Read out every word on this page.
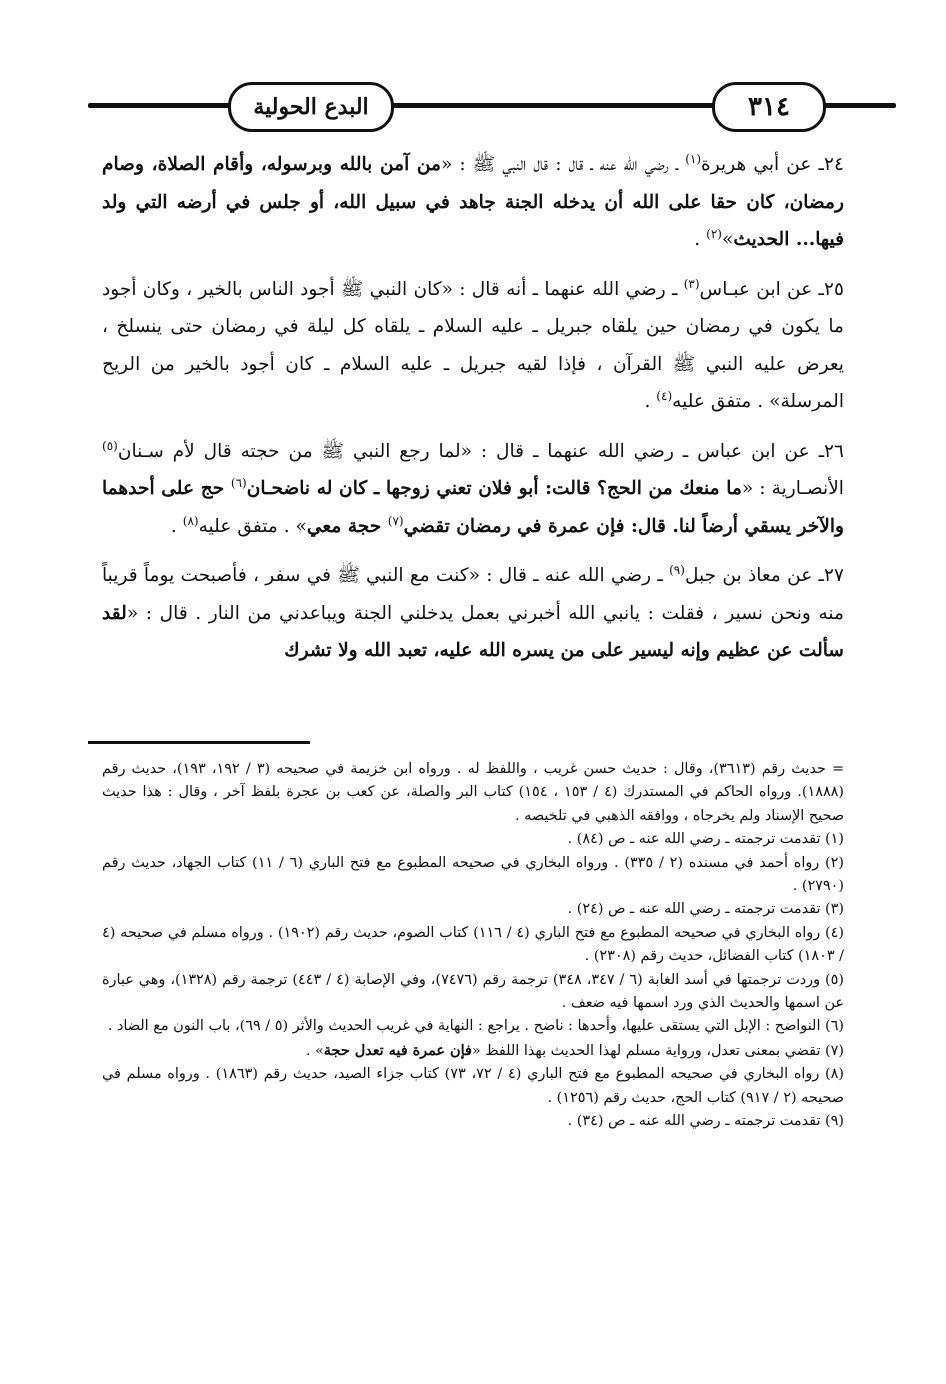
البدع الحولية	٣١٤

٢٤ـ عن أبي هريرة$^{(١)}$ ـ رضي الله عنه ـ قال : قال النبي ﷺ : «من آمن بالله وبرسوله، وأقام الصلاة، وصام رمضان، كان حقا على الله أن يدخله الجنة جاهد في سبيل الله، أو جلس في أرضه التي ولد فيها... الحديث»$^{(٢)}$ .

٢٥ـ عن ابن عبـاس$^{(٣)}$ ـ رضي الله عنهما ـ أنه قال : «كان النبي ﷺ أجود الناس بالخير ، وكان أجود ما يكون في رمضان حين يلقاه جبريل ـ عليه السلام ـ يلقاه كل ليلة في رمضان حتى ينسلخ ، يعرض عليه النبي ﷺ القرآن ، فإذا لقيه جبريل ـ عليه السلام ـ كان أجود بالخير من الريح المرسلة» . متفق عليه$^{(٤)}$ .

٢٦ـ عن ابن عباس ـ رضي الله عنهما ـ قال : «لما رجع النبي ﷺ من حجته قال لأم سـنان$^{(٥)}$ الأنصـارية : «ما منعك من الحج؟ قالت: أبو فلان تعني زوجها ـ كان له ناضحـان$^{(٦)}$ حج على أحدهما والآخر يسقي أرضاً لنا. قال: فإن عمرة في رمضان تقضي$^{(٧)}$ حجة معي» . متفق عليه$^{(٨)}$ .

٢٧ـ عن معاذ بن جبل$^{(٩)}$ ـ رضي الله عنه ـ قال : «كنت مع النبي ﷺ في سفر ، فأصبحت يوماً قريباً منه ونحن نسير ، فقلت : يانبي الله أخبرني بعمل يدخلني الجنة ويباعدني من النار . قال : «لقد سألت عن عظيم وإنه ليسير على من يسره الله عليه، تعبد الله ولا تشرك

= حديث رقم (٣٦١٣)، وقال : حديث حسن غريب ، واللفظ له . ورواه ابن خزيمة في صحيحه (٣ / ١٩٢، ١٩٣)، حديث رقم (١٨٨٨). ورواه الحاكم في المستدرك (٤ / ١٥٣ ، ١٥٤) كتاب البر والصلة، عن كعب بن عجرة بلفظ آخر ، وقال : هذا حديث صحيح الإسناد ولم يخرجاه ، ووافقه الذهبي في تلخيصه .

(١) تقدمت ترجمته ـ رضي الله عنه ـ ص (٨٤) .

(٢) رواه أحمد في مسنده (٢ / ٣٣٥) . ورواه البخاري في صحيحه المطبوع مع فتح الباري (٦ / ١١) كتاب الجهاد، حديث رقم (٢٧٩٠) .

(٣) تقدمت ترجمته ـ رضي الله عنه ـ ص (٢٤) .

(٤) رواه البخاري في صحيحه المطبوع مع فتح الباري (٤ / ١١٦) كتاب الصوم، حديث رقم (١٩٠٢) . ورواه مسلم في صحيحه (٤ / ١٨٠٣) كتاب الفضائل، حديث رقم (٢٣٠٨) .

(٥) وردت ترجمتها في أسد الغابة (٦ / ٣٤٧، ٣٤٨) ترجمة رقم (٧٤٧٦)، وفي الإصابة (٤ / ٤٤٣) ترجمة رقم (١٣٢٨)، وهي عبارة عن اسمها والحديث الذي ورد اسمها فيه ضعف .

(٦) النواضح : الإبل التي يستقى عليها، وأحدها : ناضح . يراجع : النهاية في غريب الحديث والأثر (٥ / ٦٩)، باب النون مع الضاد .

(٧) تقضي بمعنى تعدل، ورواية مسلم لهذا الحديث بهذا اللفظ «فإن عمرة فيه تعدل حجة» .

(٨) رواه البخاري في صحيحه المطبوع مع فتح الباري (٤ / ٧٢، ٧٣) كتاب جزاء الصيد، حديث رقم (١٨٦٣) . ورواه مسلم في صحيحه (٢ / ٩١٧) كتاب الحج، حديث رقم (١٢٥٦) .

(٩) تقدمت ترجمته ـ رضي الله عنه ـ ص (٣٤) .
